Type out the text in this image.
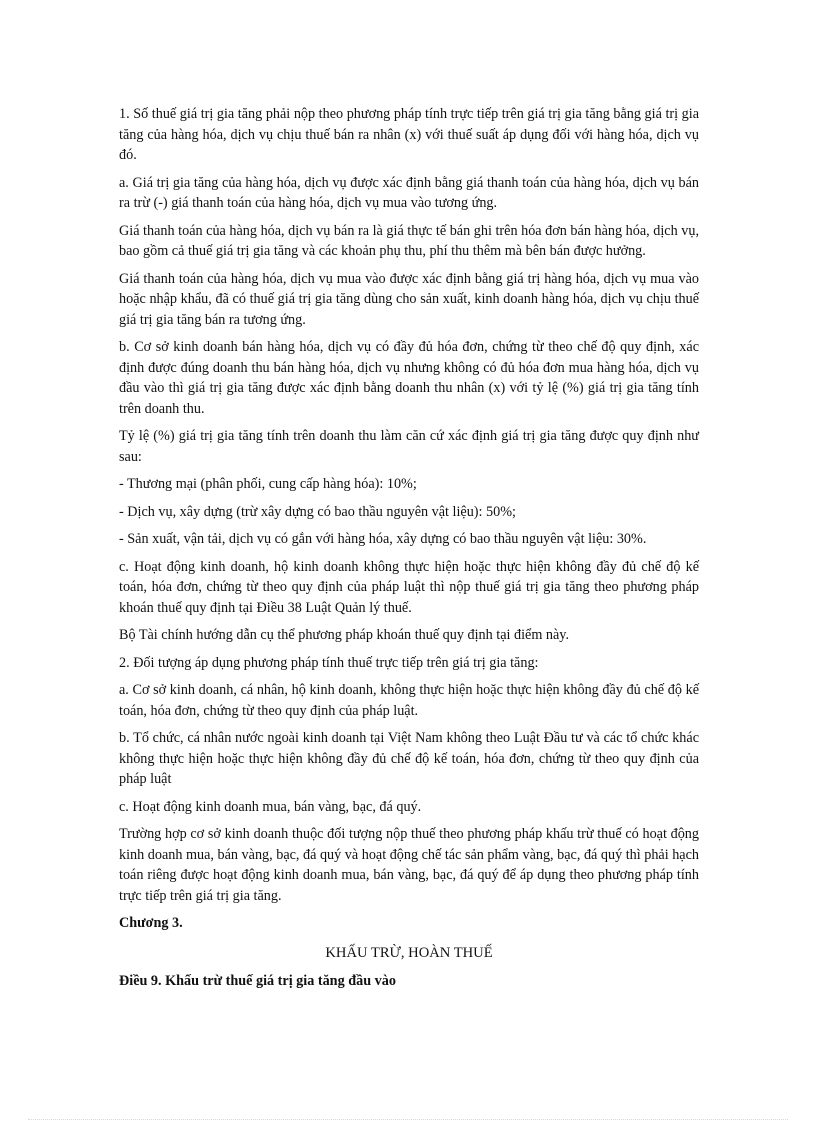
1. Số thuế giá trị gia tăng phải nộp theo phương pháp tính trực tiếp trên giá trị gia tăng bằng giá trị gia tăng của hàng hóa, dịch vụ chịu thuế bán ra nhân (x) với thuế suất áp dụng đối với hàng hóa, dịch vụ đó.

a. Giá trị gia tăng của hàng hóa, dịch vụ được xác định bằng giá thanh toán của hàng hóa, dịch vụ bán ra trừ (-) giá thanh toán của hàng hóa, dịch vụ mua vào tương ứng.

Giá thanh toán của hàng hóa, dịch vụ bán ra là giá thực tế bán ghi trên hóa đơn bán hàng hóa, dịch vụ, bao gồm cả thuế giá trị gia tăng và các khoản phụ thu, phí thu thêm mà bên bán được hưởng.

Giá thanh toán của hàng hóa, dịch vụ mua vào được xác định bằng giá trị hàng hóa, dịch vụ mua vào hoặc nhập khẩu, đã có thuế giá trị gia tăng dùng cho sản xuất, kinh doanh hàng hóa, dịch vụ chịu thuế giá trị gia tăng bán ra tương ứng.

b. Cơ sở kinh doanh bán hàng hóa, dịch vụ có đầy đủ hóa đơn, chứng từ theo chế độ quy định, xác định được đúng doanh thu bán hàng hóa, dịch vụ nhưng không có đủ hóa đơn mua hàng hóa, dịch vụ đầu vào thì giá trị gia tăng được xác định bằng doanh thu nhân (x) với tỷ lệ (%) giá trị gia tăng tính trên doanh thu.

Tỷ lệ (%) giá trị gia tăng tính trên doanh thu làm căn cứ xác định giá trị gia tăng được quy định như sau:

- Thương mại (phân phối, cung cấp hàng hóa): 10%;

- Dịch vụ, xây dựng (trừ xây dựng có bao thầu nguyên vật liệu): 50%;

- Sản xuất, vận tải, dịch vụ có gắn với hàng hóa, xây dựng có bao thầu nguyên vật liệu: 30%.

c. Hoạt động kinh doanh, hộ kinh doanh không thực hiện hoặc thực hiện không đầy đủ chế độ kế toán, hóa đơn, chứng từ theo quy định của pháp luật thì nộp thuế giá trị gia tăng theo phương pháp khoán thuế quy định tại Điều 38 Luật Quản lý thuế.

Bộ Tài chính hướng dẫn cụ thể phương pháp khoán thuế quy định tại điểm này.

2. Đối tượng áp dụng phương pháp tính thuế trực tiếp trên giá trị gia tăng:

a. Cơ sở kinh doanh, cá nhân, hộ kinh doanh, không thực hiện hoặc thực hiện không đầy đủ chế độ kế toán, hóa đơn, chứng từ theo quy định của pháp luật.

b. Tổ chức, cá nhân nước ngoài kinh doanh tại Việt Nam không theo Luật Đầu tư và các tổ chức khác không thực hiện hoặc thực hiện không đầy đủ chế độ kế toán, hóa đơn, chứng từ theo quy định của pháp luật

c. Hoạt động kinh doanh mua, bán vàng, bạc, đá quý.

Trường hợp cơ sở kinh doanh thuộc đối tượng nộp thuế theo phương pháp khấu trừ thuế có hoạt động kinh doanh mua, bán vàng, bạc, đá quý và hoạt động chế tác sản phẩm vàng, bạc, đá quý thì phải hạch toán riêng được hoạt động kinh doanh mua, bán vàng, bạc, đá quý để áp dụng theo phương pháp tính trực tiếp trên giá trị gia tăng.

Chương 3.

KHẤU TRỪ, HOÀN THUẾ

Điều 9. Khấu trừ thuế giá trị gia tăng đầu vào
